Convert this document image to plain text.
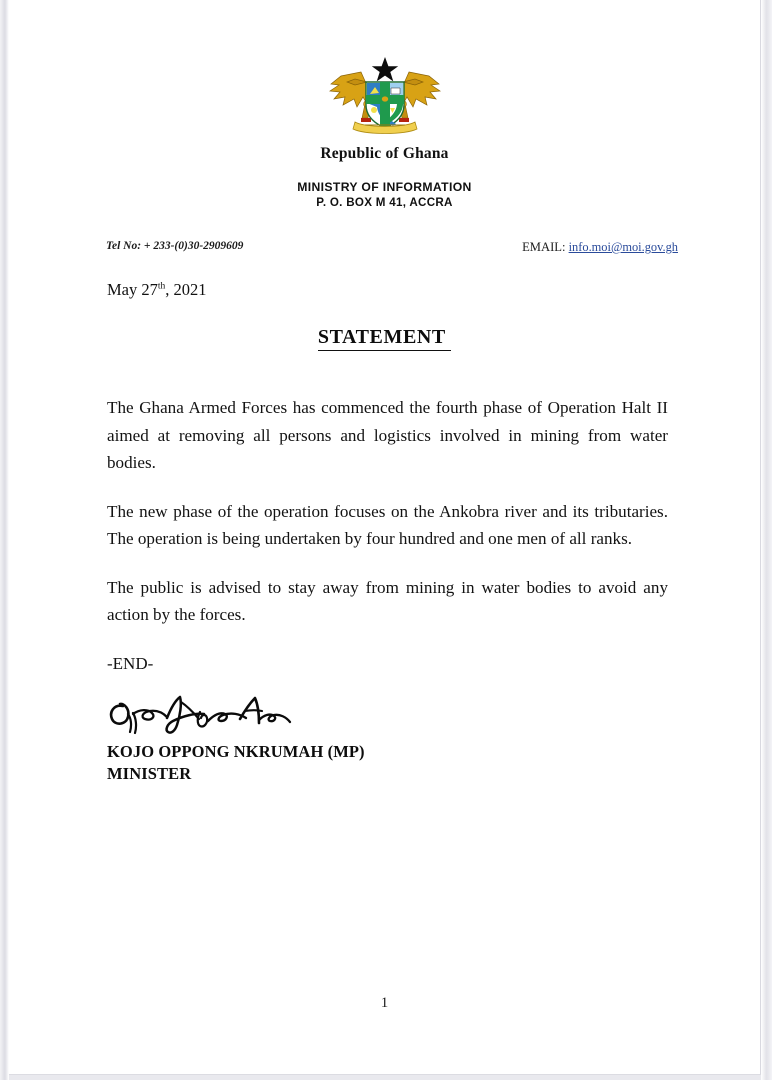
Republic of Ghana
MINISTRY OF INFORMATION
P. O. BOX M 41, ACCRA
Tel No: + 233-(0)30-2909609	EMAIL: info.moi@moi.gov.gh
May 27th, 2021
STATEMENT

The Ghana Armed Forces has commenced the fourth phase of Operation Halt II aimed at removing all persons and logistics involved in mining from water bodies.

The new phase of the operation focuses on the Ankobra river and its tributaries. The operation is being undertaken by four hundred and one men of all ranks.

The public is advised to stay away from mining in water bodies to avoid any action by the forces.

-END-
KOJO OPPONG NKRUMAH (MP)
MINISTER
1
